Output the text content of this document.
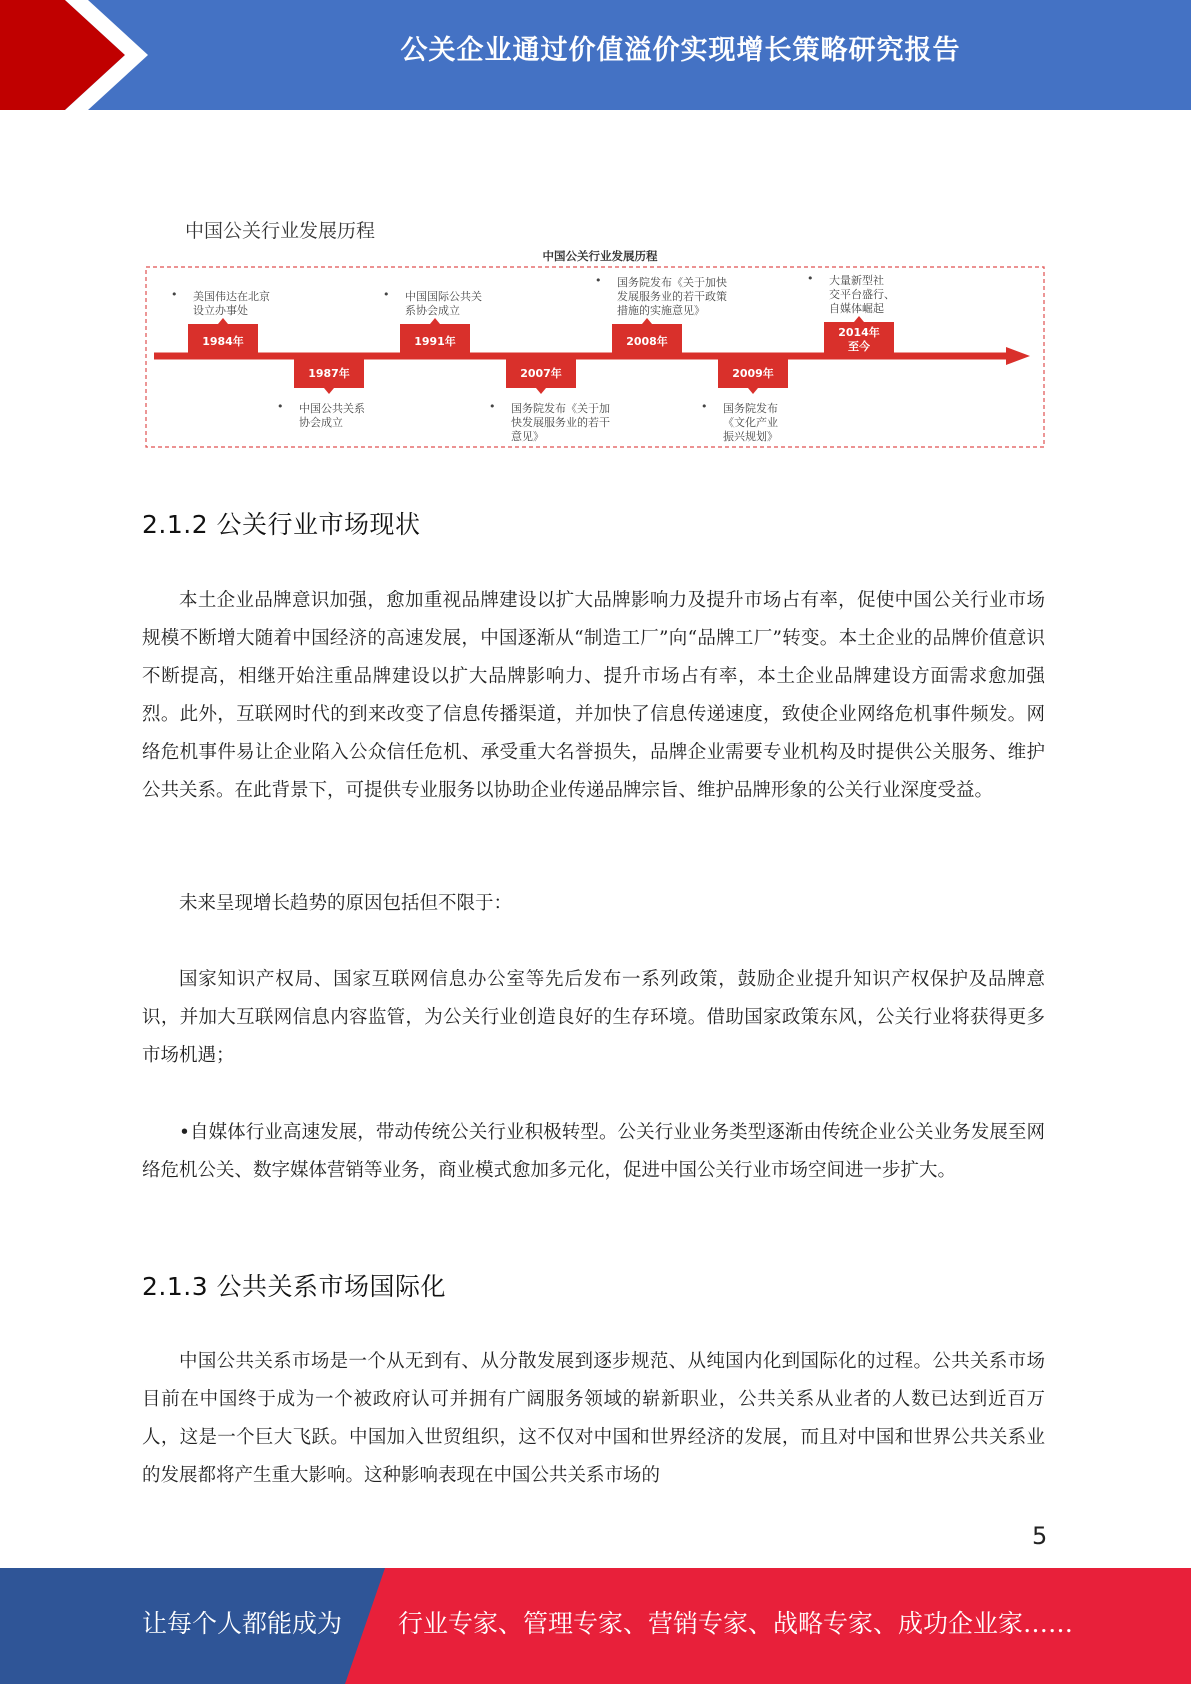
公关企业通过价值溢价实现增长策略研究报告
中国公关行业发展历程
中国公关行业发展历程
1984年
• 美国伟达在北京
设立办事处
1987年
• 中国公共关系
协会成立
1991年
• 中国国际公共关
系协会成立
2007年
• 国务院发布《关于加
快发展服务业的若干
意见》
2008年
• 国务院发布《关于加快
发展服务业的若干政策
措施的实施意见》
2009年
• 国务院发布
《文化产业
振兴规划》
2014年
至今
• 大量新型社
交平台盛行、
自媒体崛起
2.1.2 公关行业市场现状

本土企业品牌意识加强，愈加重视品牌建设以扩大品牌影响力及提升市场占有率，促使中国公关行业市场规模不断增大随着中国经济的高速发展，中国逐渐从“制造工厂”向“品牌工厂”转变。本土企业的品牌价值意识不断提高，相继开始注重品牌建设以扩大品牌影响力、提升市场占有率，本土企业品牌建设方面需求愈加强烈。此外，互联网时代的到来改变了信息传播渠道，并加快了信息传递速度，致使企业网络危机事件频发。网络危机事件易让企业陷入公众信任危机、承受重大名誉损失，品牌企业需要专业机构及时提供公关服务、维护公共关系。在此背景下，可提供专业服务以协助企业传递品牌宗旨、维护品牌形象的公关行业深度受益。

未来呈现增长趋势的原因包括但不限于：

国家知识产权局、国家互联网信息办公室等先后发布一系列政策，鼓励企业提升知识产权保护及品牌意识，并加大互联网信息内容监管，为公关行业创造良好的生存环境。借助国家政策东风，公关行业将获得更多市场机遇；

•自媒体行业高速发展，带动传统公关行业积极转型。公关行业业务类型逐渐由传统企业公关业务发展至网络危机公关、数字媒体营销等业务，商业模式愈加多元化，促进中国公关行业市场空间进一步扩大。

2.1.3 公共关系市场国际化

中国公共关系市场是一个从无到有、从分散发展到逐步规范、从纯国内化到国际化的过程。公共关系市场目前在中国终于成为一个被政府认可并拥有广阔服务领域的崭新职业，公共关系从业者的人数已达到近百万人，这是一个巨大飞跃。中国加入世贸组织，这不仅对中国和世界经济的发展，而且对中国和世界公共关系业的发展都将产生重大影响。这种影响表现在中国公共关系市场的

5
让每个人都能成为 行业专家、管理专家、营销专家、战略专家、成功企业家……
